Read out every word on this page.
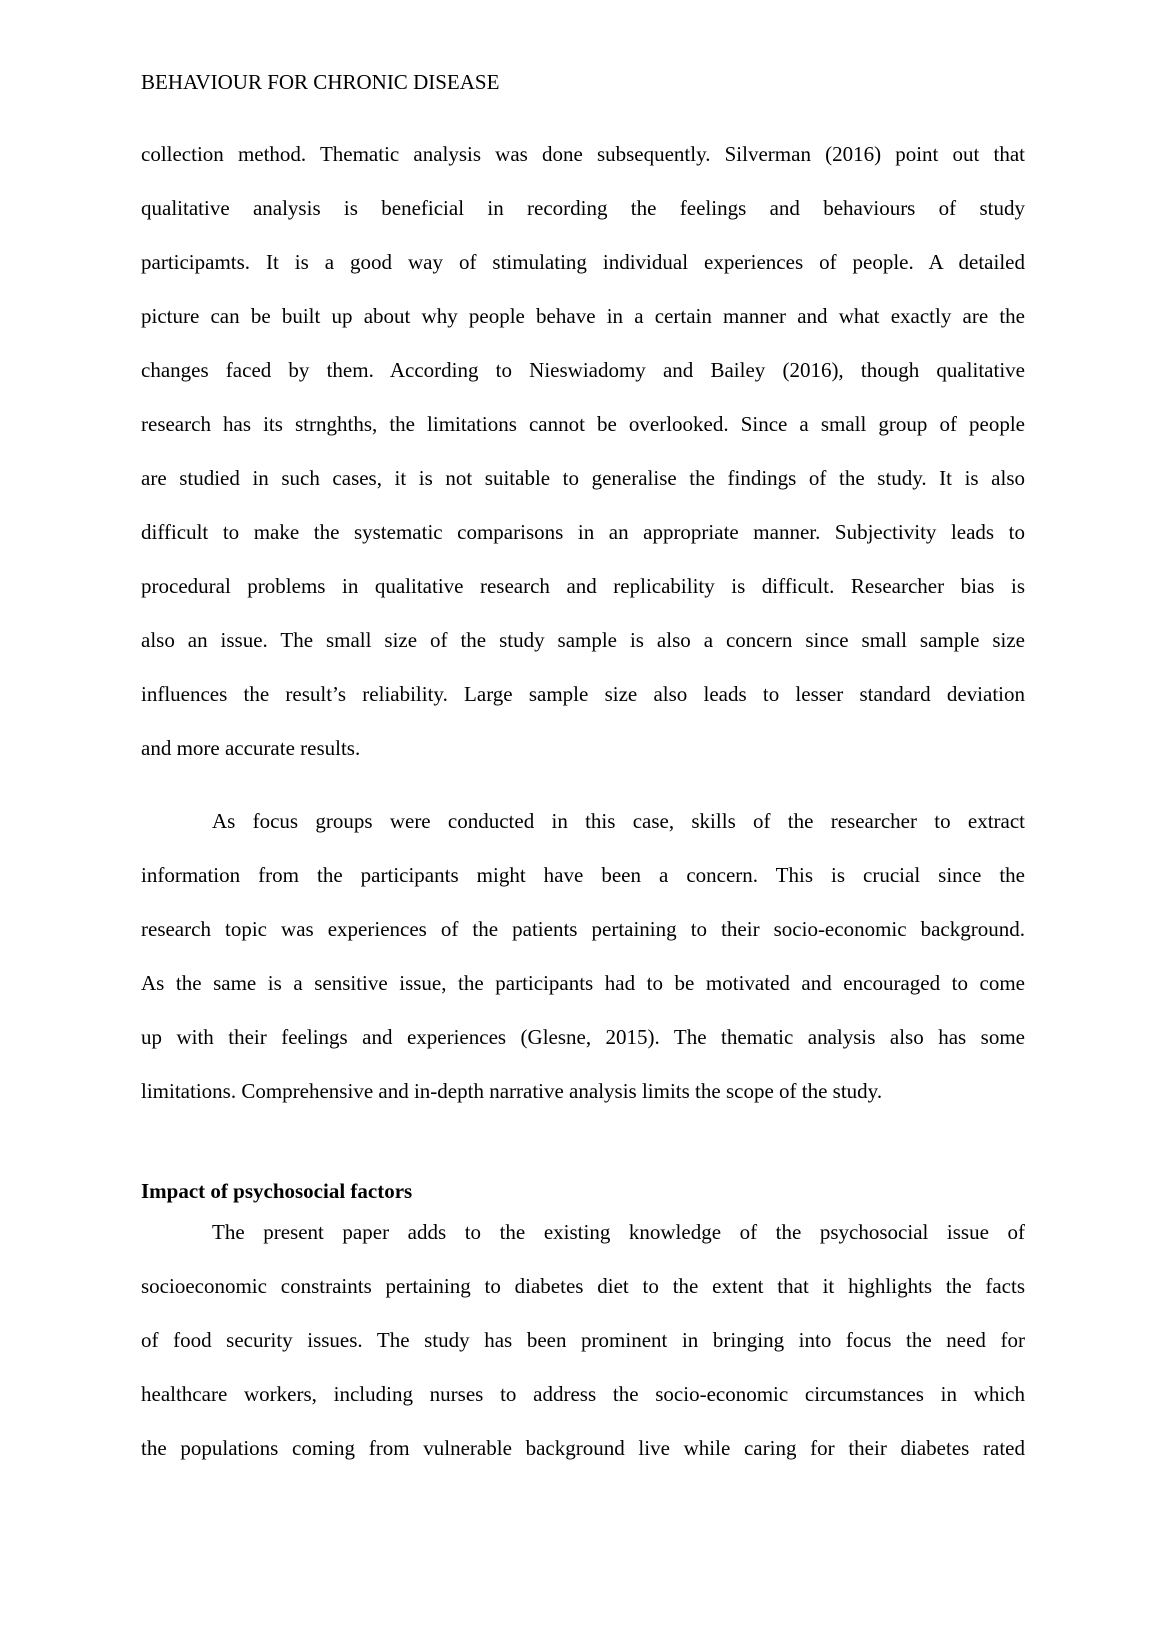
BEHAVIOUR FOR CHRONIC DISEASE
collection method. Thematic analysis was done subsequently. Silverman (2016) point out that
qualitative analysis is beneficial in recording the feelings and behaviours of study
participamts. It is a good way of stimulating individual experiences of people. A detailed
picture can be built up about why people behave in a certain manner and what exactly are the
changes faced by them. According to Nieswiadomy and Bailey (2016), though qualitative
research has its strnghths, the limitations cannot be overlooked. Since a small group of people
are studied in such cases, it is not suitable to generalise the findings of the study. It is also
difficult to make the systematic comparisons in an appropriate manner. Subjectivity leads to
procedural problems in qualitative research and replicability is difficult. Researcher bias is
also an issue. The small size of the study sample is also a concern since small sample size
influences the result’s reliability. Large sample size also leads to lesser standard deviation
and more accurate results.
As focus groups were conducted in this case, skills of the researcher to extract
information from the participants might have been a concern. This is crucial since the
research topic was experiences of the patients pertaining to their socio-economic background.
As the same is a sensitive issue, the participants had to be motivated and encouraged to come
up with their feelings and experiences (Glesne, 2015). The thematic analysis also has some
limitations. Comprehensive and in-depth narrative analysis limits the scope of the study.
Impact of psychosocial factors
The present paper adds to the existing knowledge of the psychosocial issue of
socioeconomic constraints pertaining to diabetes diet to the extent that it highlights the facts
of food security issues. The study has been prominent in bringing into focus the need for
healthcare workers, including nurses to address the socio-economic circumstances in which
the populations coming from vulnerable background live while caring for their diabetes rated
